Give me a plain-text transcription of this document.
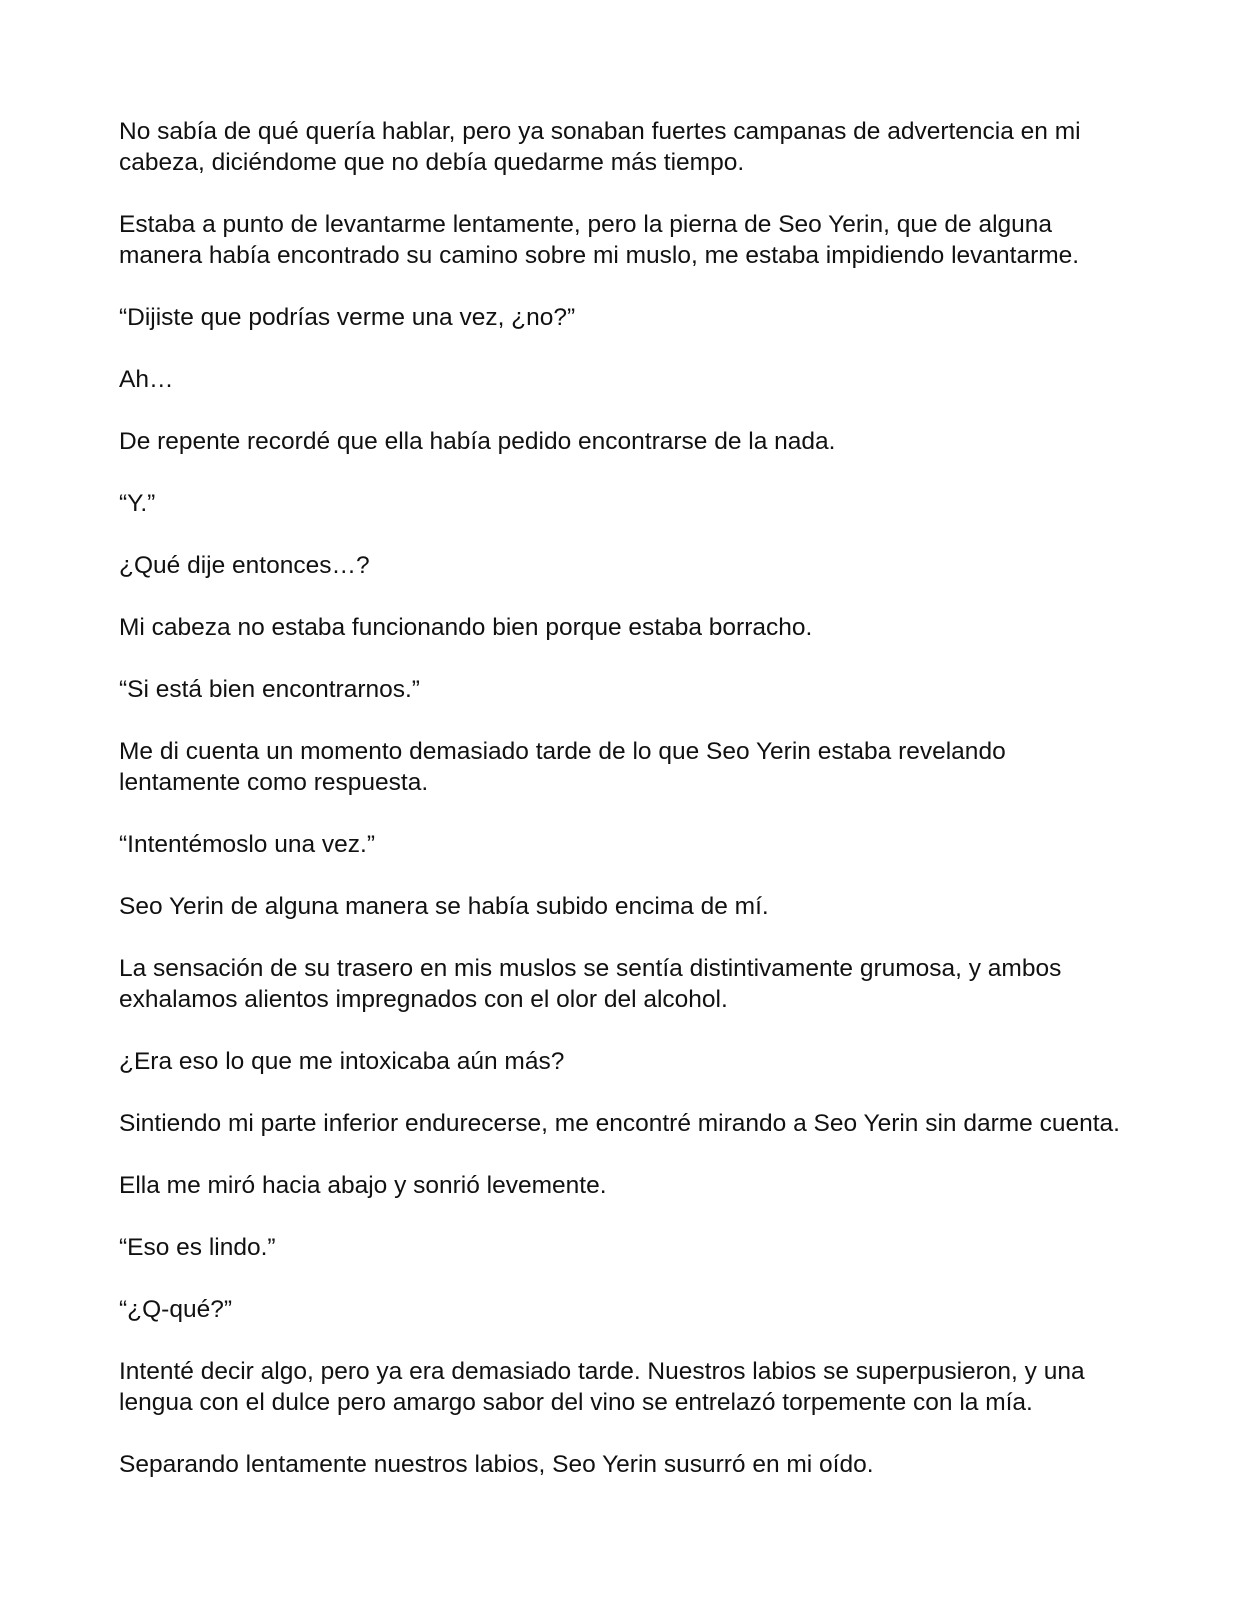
No sabía de qué quería hablar, pero ya sonaban fuertes campanas de advertencia en mi cabeza, diciéndome que no debía quedarme más tiempo.

Estaba a punto de levantarme lentamente, pero la pierna de Seo Yerin, que de alguna manera había encontrado su camino sobre mi muslo, me estaba impidiendo levantarme.

“Dijiste que podrías verme una vez, ¿no?”

Ah…

De repente recordé que ella había pedido encontrarse de la nada.

“Y.”

¿Qué dije entonces…?

Mi cabeza no estaba funcionando bien porque estaba borracho.

“Si está bien encontrarnos.”

Me di cuenta un momento demasiado tarde de lo que Seo Yerin estaba revelando lentamente como respuesta.

“Intentémoslo una vez.”

Seo Yerin de alguna manera se había subido encima de mí.

La sensación de su trasero en mis muslos se sentía distintivamente grumosa, y ambos exhalamos alientos impregnados con el olor del alcohol.

¿Era eso lo que me intoxicaba aún más?

Sintiendo mi parte inferior endurecerse, me encontré mirando a Seo Yerin sin darme cuenta.

Ella me miró hacia abajo y sonrió levemente.

“Eso es lindo.”

“¿Q-qué?”

Intenté decir algo, pero ya era demasiado tarde. Nuestros labios se superpusieron, y una lengua con el dulce pero amargo sabor del vino se entrelazó torpemente con la mía.

Separando lentamente nuestros labios, Seo Yerin susurró en mi oído.
